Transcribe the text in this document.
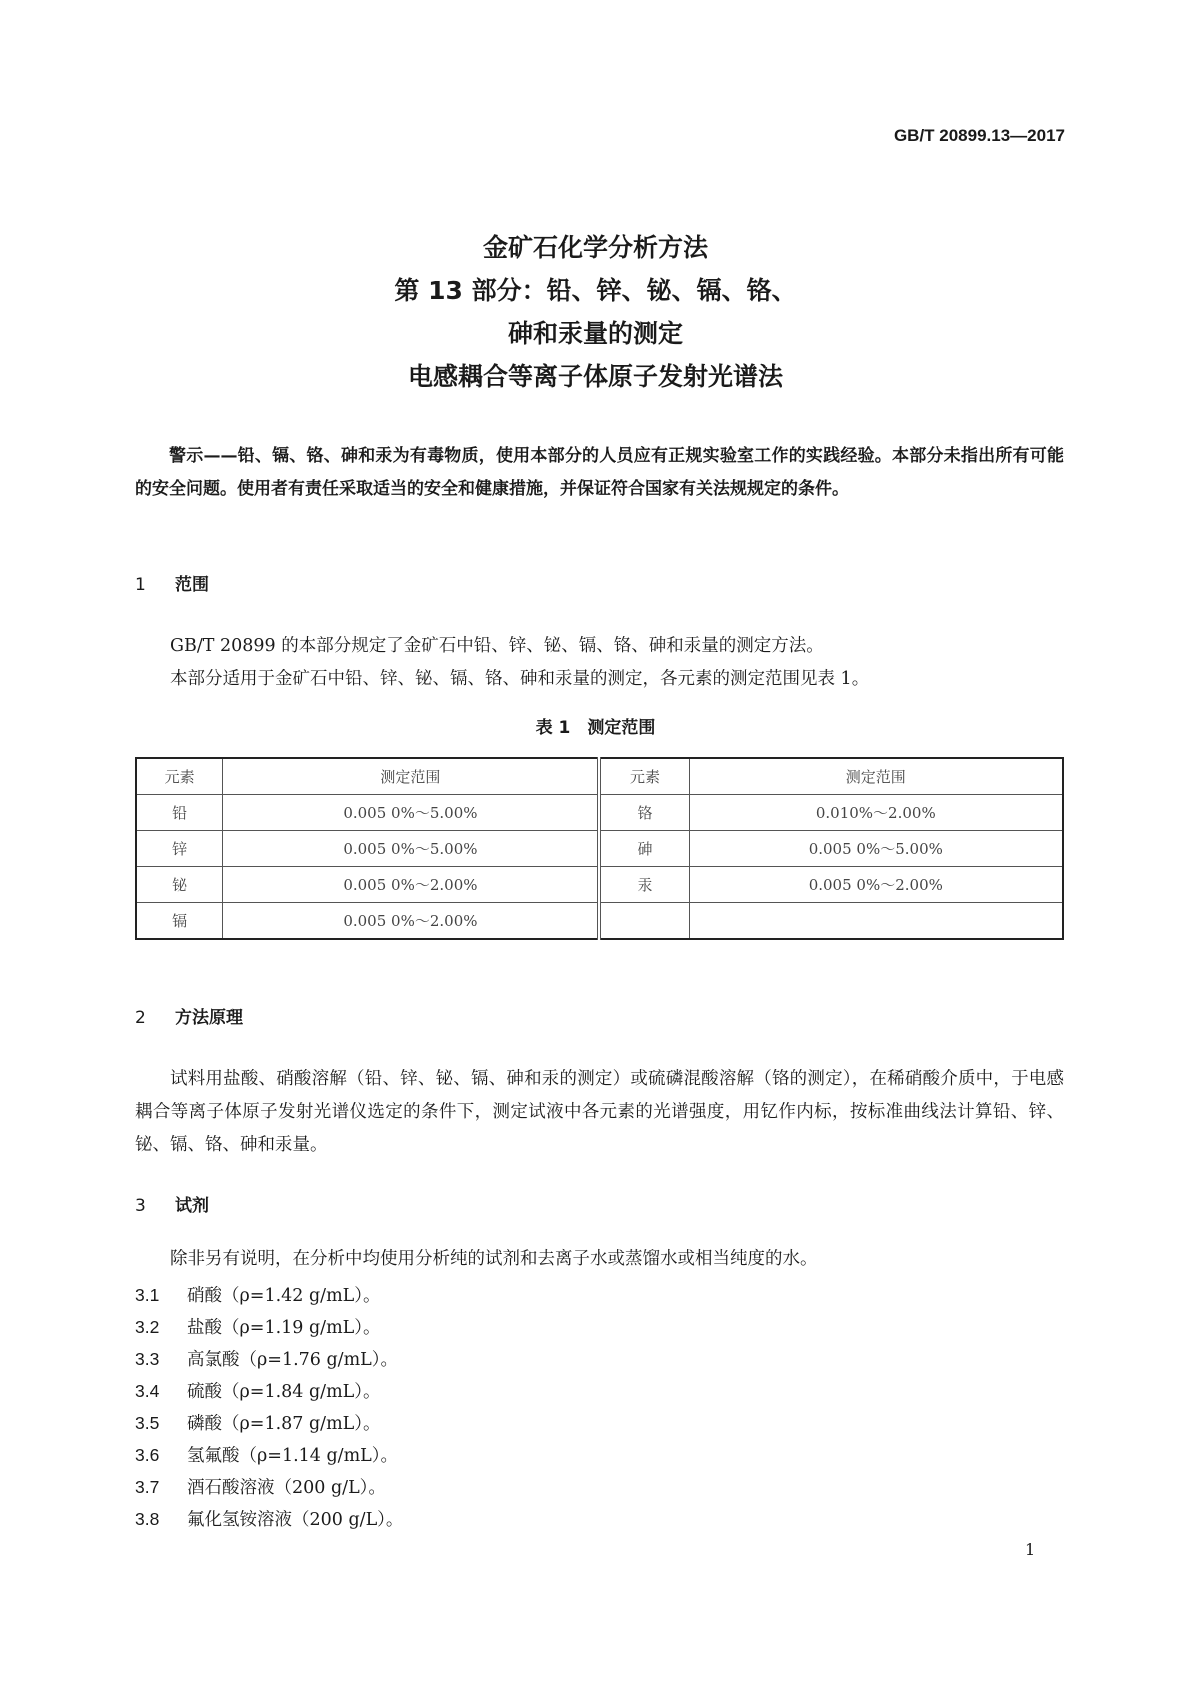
GB/T 20899.13—2017
金矿石化学分析方法
第 13 部分：铅、锌、铋、镉、铬、
砷和汞量的测定
电感耦合等离子体原子发射光谱法
警示——铅、镉、铬、砷和汞为有毒物质，使用本部分的人员应有正规实验室工作的实践经验。本部分未指出所有可能的安全问题。使用者有责任采取适当的安全和健康措施，并保证符合国家有关法规规定的条件。
1 范围
GB/T 20899 的本部分规定了金矿石中铅、锌、铋、镉、铬、砷和汞量的测定方法。
本部分适用于金矿石中铅、锌、铋、镉、铬、砷和汞量的测定，各元素的测定范围见表 1。
表 1　测定范围
元素	测定范围	元素	测定范围
铅	0.005 0%～5.00%	铬	0.010%～2.00%
锌	0.005 0%～5.00%	砷	0.005 0%～5.00%
铋	0.005 0%～2.00%	汞	0.005 0%～2.00%
镉	0.005 0%～2.00%		
2 方法原理
试料用盐酸、硝酸溶解（铅、锌、铋、镉、砷和汞的测定）或硫磷混酸溶解（铬的测定），在稀硝酸介质中，于电感耦合等离子体原子发射光谱仪选定的条件下，测定试液中各元素的光谱强度，用钇作内标，按标准曲线法计算铅、锌、铋、镉、铬、砷和汞量。
3 试剂
除非另有说明，在分析中均使用分析纯的试剂和去离子水或蒸馏水或相当纯度的水。
3.1 硝酸（ρ=1.42 g/mL）。
3.2 盐酸（ρ=1.19 g/mL）。
3.3 高氯酸（ρ=1.76 g/mL）。
3.4 硫酸（ρ=1.84 g/mL）。
3.5 磷酸（ρ=1.87 g/mL）。
3.6 氢氟酸（ρ=1.14 g/mL）。
3.7 酒石酸溶液（200 g/L）。
3.8 氟化氢铵溶液（200 g/L）。
1
